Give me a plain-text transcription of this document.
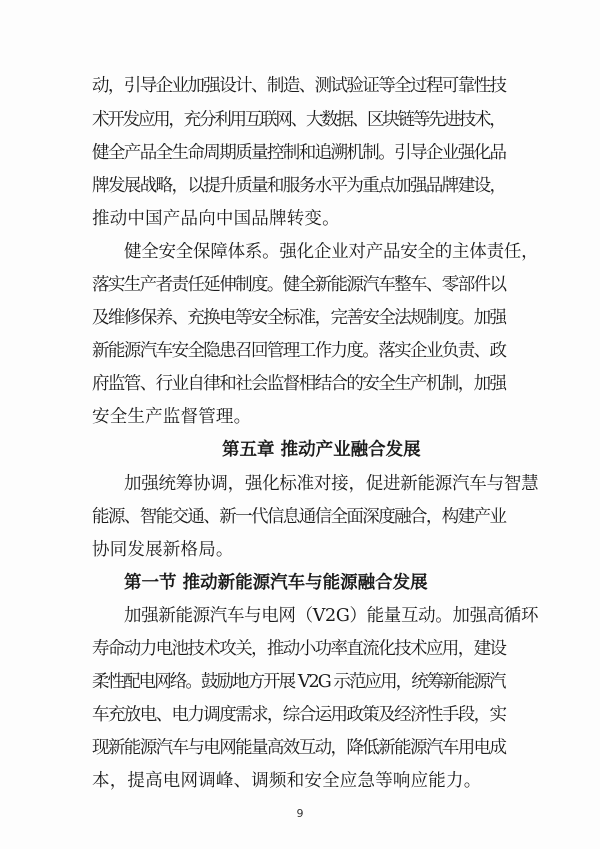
动，引导企业加强设计、制造、测试验证等全过程可靠性技
术开发应用，充分利用互联网、大数据、区块链等先进技术，
健全产品全生命周期质量控制和追溯机制。引导企业强化品
牌发展战略，以提升质量和服务水平为重点加强品牌建设，
推动中国产品向中国品牌转变。
健全安全保障体系。强化企业对产品安全的主体责任，
落实生产者责任延伸制度。健全新能源汽车整车、零部件以
及维修保养、充换电等安全标准，完善安全法规制度。加强
新能源汽车安全隐患召回管理工作力度。落实企业负责、政
府监管、行业自律和社会监督相结合的安全生产机制，加强
安全生产监督管理。
第五章 推动产业融合发展
加强统筹协调，强化标准对接，促进新能源汽车与智慧
能源、智能交通、新一代信息通信全面深度融合，构建产业
协同发展新格局。
第一节 推动新能源汽车与能源融合发展
加强新能源汽车与电网（V2G）能量互动。加强高循环
寿命动力电池技术攻关，推动小功率直流化技术应用，建设
柔性配电网络。鼓励地方开展 V2G 示范应用，统筹新能源汽
车充放电、电力调度需求，综合运用政策及经济性手段，实
现新能源汽车与电网能量高效互动，降低新能源汽车用电成
本，提高电网调峰、调频和安全应急等响应能力。
9
